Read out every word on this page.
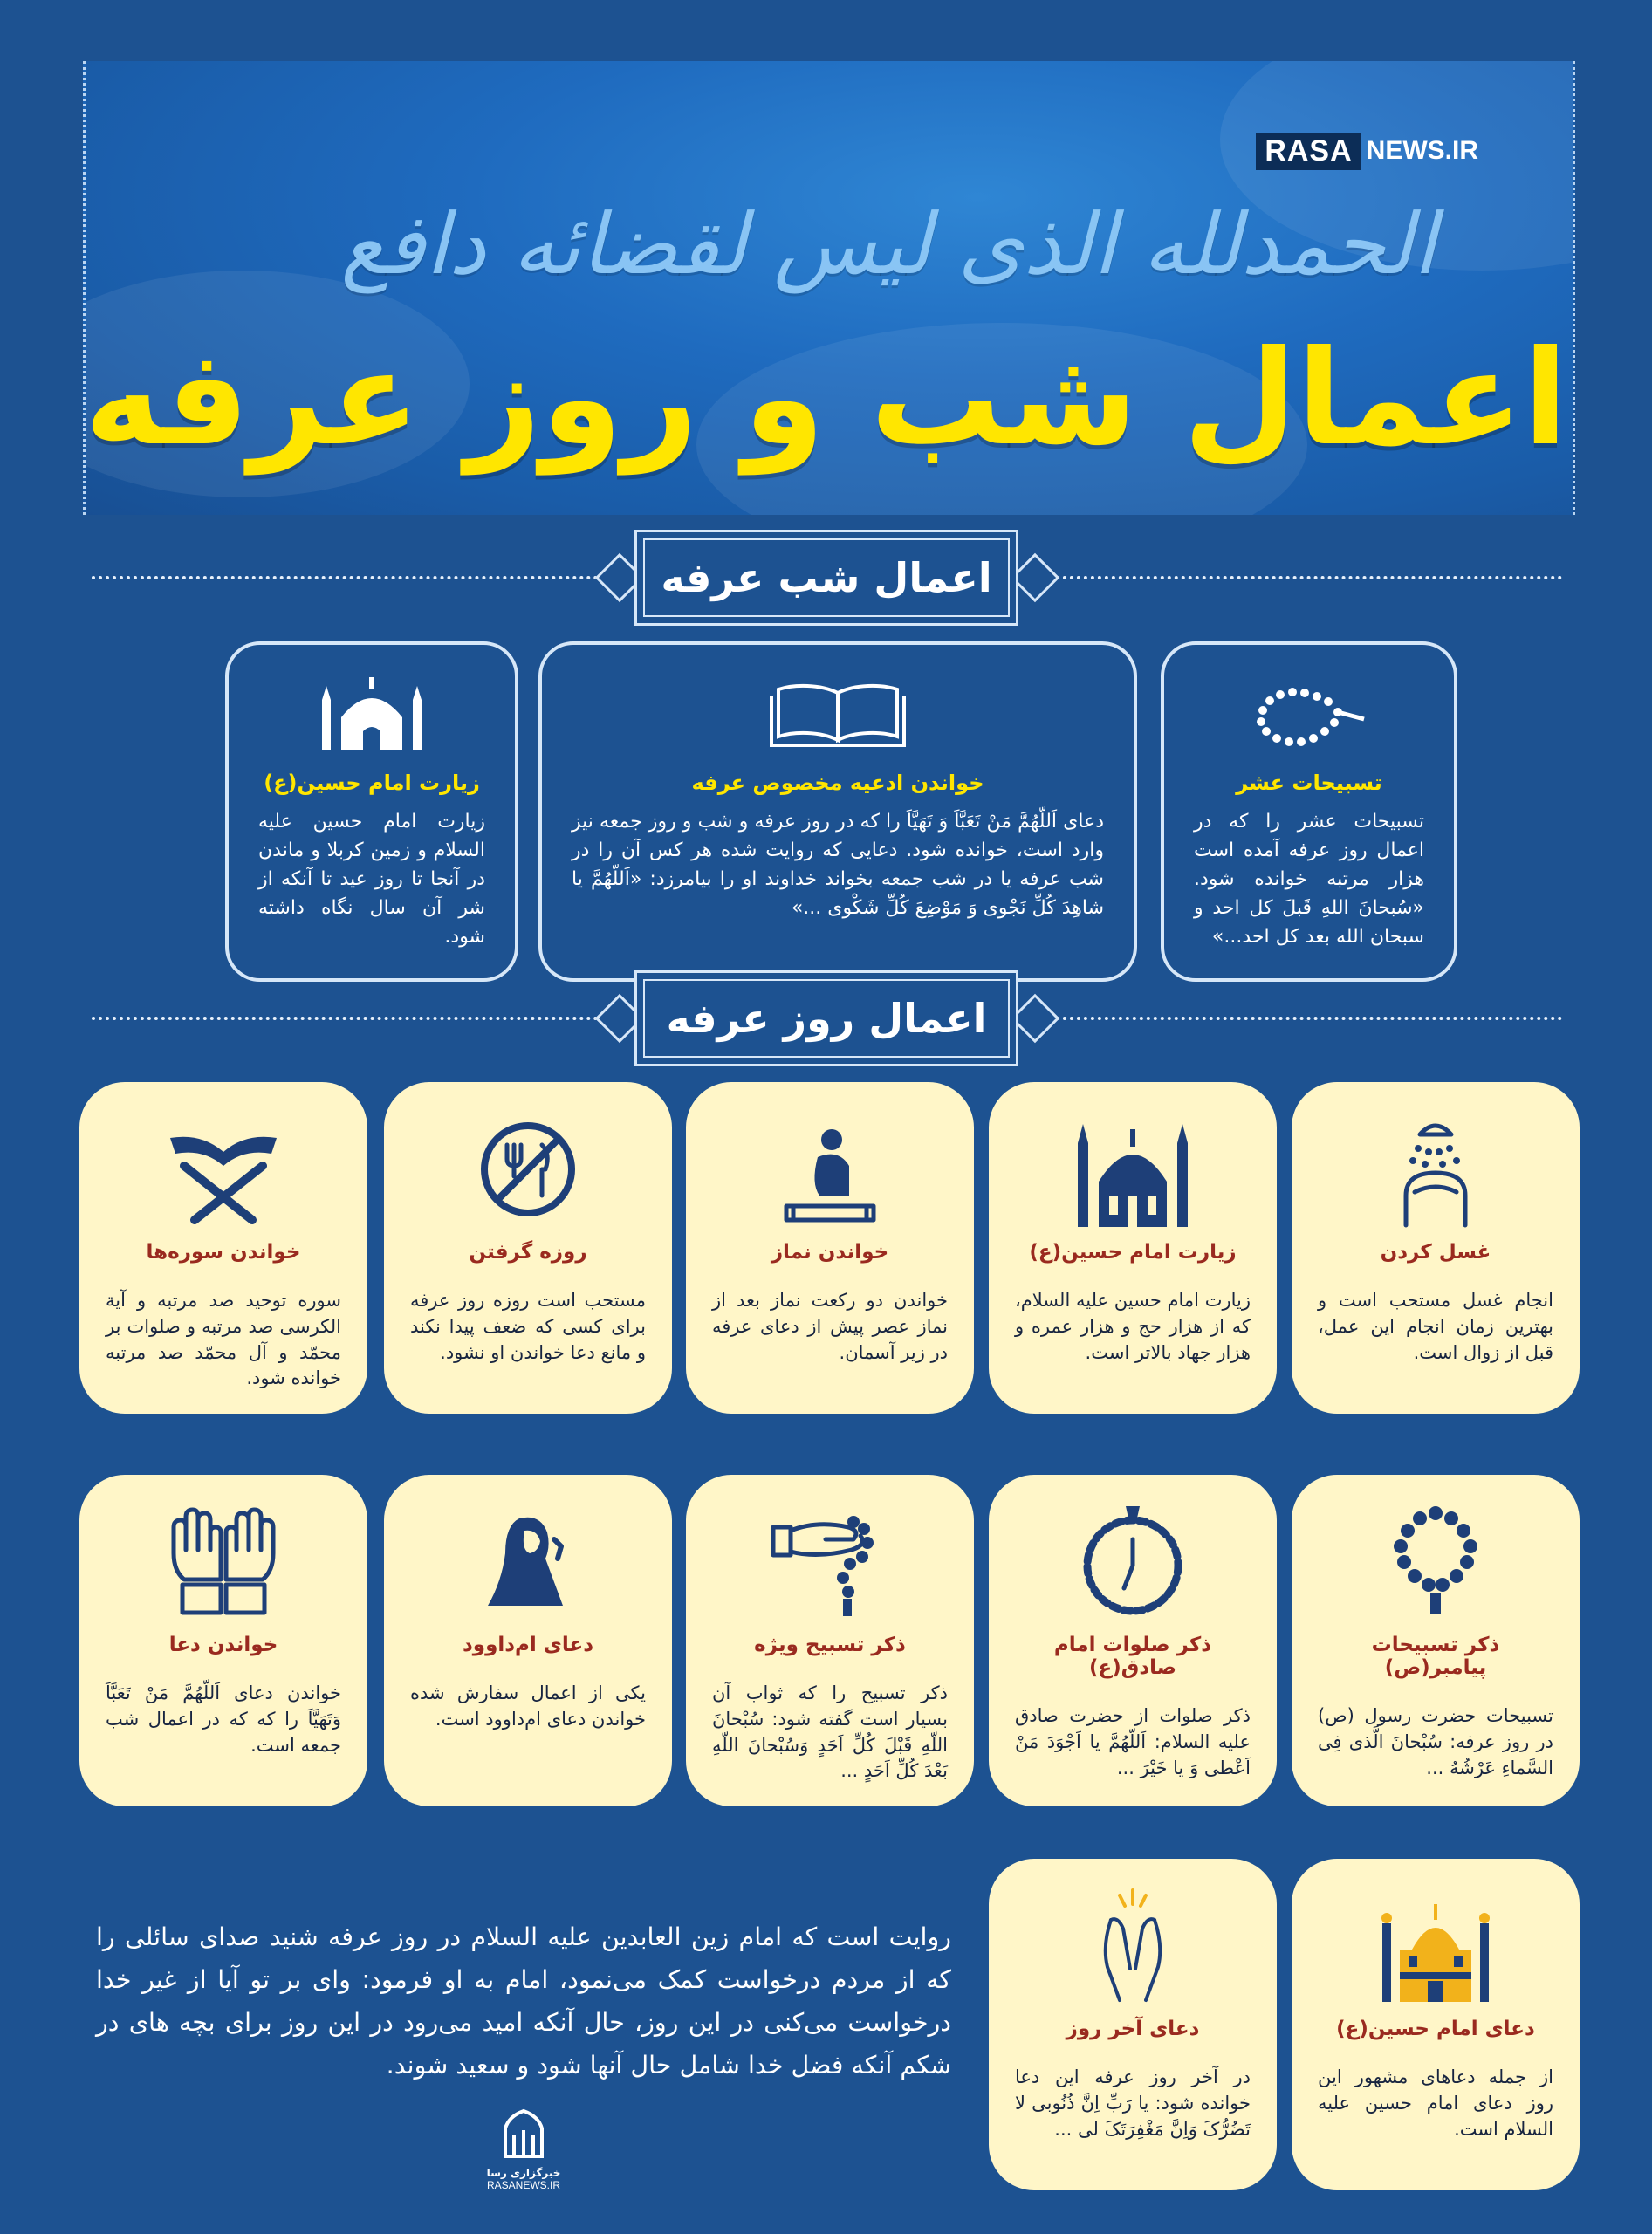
RASA NEWS.IR
الحمدلله الذی لیس لقضائه دافع
اعمال شب و روز عرفه
اعمال شب عرفه
تسبیحات عشر
تسبیحات عشر را که در اعمال روز عرفه آمده است هزار مرتبه خوانده شود. «سُبحانَ اللهِ قَبلَ کل احد و سبحان الله بعد کل احد...»
خواندن ادعیه مخصوص عرفه
دعای اَللّهُمَّ مَنْ تَعَبَّاَ وَ تَهَیَّاَ را که در روز عرفه و شب و روز جمعه نیز وارد است، خوانده شود. دعایی که روایت شده هر کس آن را در شب عرفه یا در شب جمعه بخواند خداوند او را بیامرزد: «اَللّهُمَّ یا شاهِدَ کُلِّ نَجْوی وَ مَوْضِعَ کُلِّ شَکْوی ...»
زیارت امام حسین(ع)
زیارت امام حسین علیه السلام و زمین کربلا و ماندن در آنجا تا روز عید تا آنکه از شر آن سال نگاه داشته شود.
اعمال روز عرفه
غسل کردن
انجام غسل مستحب است و بهترین زمان انجام این عمل، قبل از زوال است.
زیارت امام حسین(ع)
زیارت امام حسین علیه السلام، که از هزار حج و هزار عمره و هزار جهاد بالاتر است.
خواندن نماز
خواندن دو رکعت نماز بعد از نماز عصر پیش از دعای عرفه در زیر آسمان.
روزه گرفتن
مستحب است روزه روز عرفه برای کسی که ضعف پیدا نکند و مانع دعا خواندن او نشود.
خواندن سوره‌ها
سوره توحید صد مرتبه و آیة الکرسی صد مرتبه و صلوات بر محمّد و آل محمّد صد مرتبه خوانده شود.
ذکر تسبیحات پیامبر(ص)
تسبیحات حضرت رسول (ص) در روز عرفه: سُبْحانَ الَّذی فِی السَّماءِ عَرْشُهُ ...
ذکر صلوات امام صادق(ع)
ذکر صلوات از حضرت صادق علیه السلام: اَللّهُمَّ یا اَجْوَدَ مَنْ اَعْطی وَ یا خَیْرَ ...
ذکر تسبیح ویژه
ذکر تسبیح را که ثواب آن بسیار است گفته شود: سُبْحانَ اللّهِ قَبْلَ کُلِّ اَحَدٍ وَسُبْحانَ اللّهِ بَعْدَ کُلِّ اَحَدٍ ...
دعای ام‌داوود
یکی از اعمال سفارش شده خواندن دعای ام‌داوود است.
خواندن دعا
خواندن دعای اَللّهُمَّ مَنْ تَعَبَّاَ وَتَهَیَّاَ را که که در اعمال شب جمعه است.
دعای امام حسین(ع)
از جمله دعاهای مشهور این روز دعای امام حسین علیه السلام است.
دعای آخر روز
در آخر روز عرفه این دعا خوانده شود: یا رَبِّ اِنَّ ذُنُوبی لا تَضُرُّکَ وَاِنَّ مَغْفِرَتَکَ لی ...
روایت است که امام زین العابدین علیه السلام در روز عرفه شنید صدای سائلی را که از مردم درخواست کمک می‌نمود، امام به او فرمود: وای بر تو آیا از غیر خدا درخواست می‌کنی در این روز، حال آنکه امید می‌رود در این روز برای بچه های در شکم آنکه فضل خدا شامل حال آنها شود و سعید شوند.
خبرگزاری رسا
RASANEWS.IR
